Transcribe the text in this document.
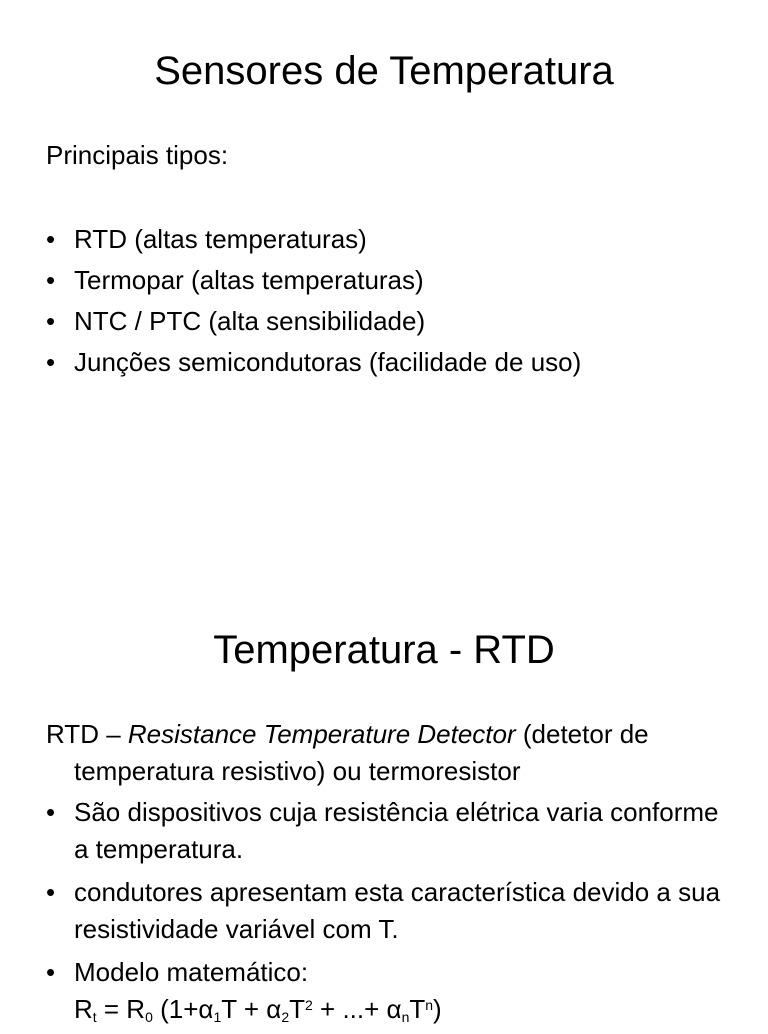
Sensores de Temperatura

Principais tipos:

• RTD (altas temperaturas)
• Termopar (altas temperaturas)
• NTC / PTC (alta sensibilidade)
• Junções semicondutoras (facilidade de uso)
Temperatura - RTD

RTD – Resistance Temperature Detector (detetor de temperatura resistivo) ou termoresistor

• São dispositivos cuja resistência elétrica varia conforme a temperatura.
• condutores apresentam esta característica devido a sua resistividade variável com T.
• Modelo matemático:
$R_t = R_0$ ($1+\alpha_1T + \alpha_2T^2$ + ...+ $\alpha_nT^n$)
